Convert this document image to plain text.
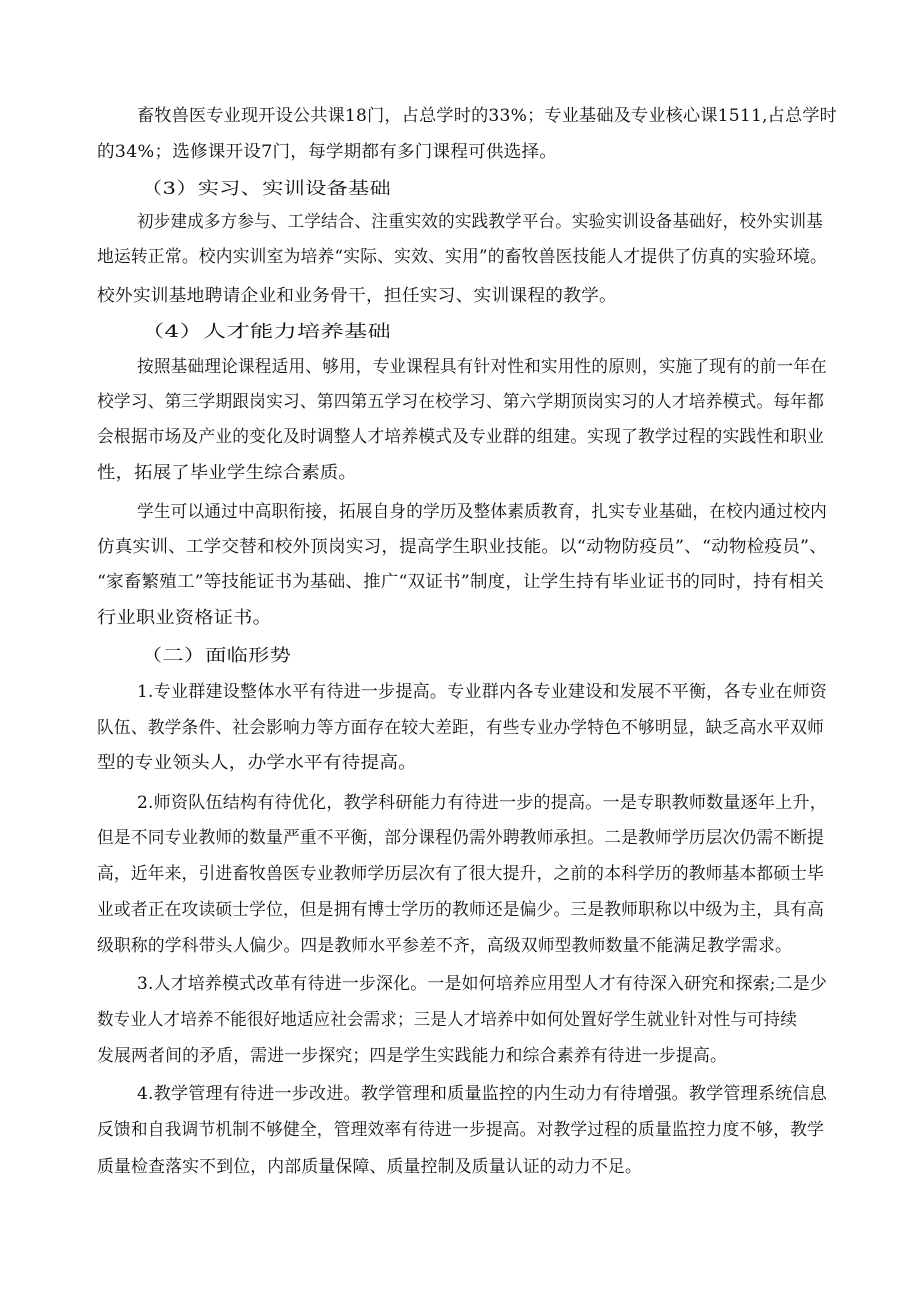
畜牧兽医专业现开设公共课18门，占总学时的33%；专业基础及专业核心课1511,占总学时
的34%；选修课开设7门，每学期都有多门课程可供选择。
（3）实习、实训设备基础
初步建成多方参与、工学结合、注重实效的实践教学平台。实验实训设备基础好，校外实训基
地运转正常。校内实训室为培养“实际、实效、实用”的畜牧兽医技能人才提供了仿真的实验环境。
校外实训基地聘请企业和业务骨干，担任实习、实训课程的教学。
（4）人才能力培养基础
按照基础理论课程适用、够用，专业课程具有针对性和实用性的原则，实施了现有的前一年在
校学习、第三学期跟岗实习、第四第五学习在校学习、第六学期顶岗实习的人才培养模式。每年都
会根据市场及产业的变化及时调整人才培养模式及专业群的组建。实现了教学过程的实践性和职业
性，拓展了毕业学生综合素质。
学生可以通过中高职衔接，拓展自身的学历及整体素质教育，扎实专业基础，在校内通过校内
仿真实训、工学交替和校外顶岗实习，提高学生职业技能。以“动物防疫员”、“动物检疫员”、
“家畜繁殖工”等技能证书为基础、推广“双证书”制度，让学生持有毕业证书的同时，持有相关
行业职业资格证书。
（二）面临形势
1.专业群建设整体水平有待进一步提高。专业群内各专业建设和发展不平衡，各专业在师资
队伍、教学条件、社会影响力等方面存在较大差距，有些专业办学特色不够明显，缺乏高水平双师
型的专业领头人，办学水平有待提高。
2.师资队伍结构有待优化，教学科研能力有待进一步的提高。一是专职教师数量逐年上升，
但是不同专业教师的数量严重不平衡，部分课程仍需外聘教师承担。二是教师学历层次仍需不断提
高，近年来，引进畜牧兽医专业教师学历层次有了很大提升，之前的本科学历的教师基本都硕士毕
业或者正在攻读硕士学位，但是拥有博士学历的教师还是偏少。三是教师职称以中级为主，具有高
级职称的学科带头人偏少。四是教师水平参差不齐，高级双师型教师数量不能满足教学需求。
3.人才培养模式改革有待进一步深化。一是如何培养应用型人才有待深入研究和探索;二是少
数专业人才培养不能很好地适应社会需求；三是人才培养中如何处置好学生就业针对性与可持续
发展两者间的矛盾，需进一步探究；四是学生实践能力和综合素养有待进一步提高。
4.教学管理有待进一步改进。教学管理和质量监控的内生动力有待增强。教学管理系统信息
反馈和自我调节机制不够健全，管理效率有待进一步提高。对教学过程的质量监控力度不够，教学
质量检查落实不到位，内部质量保障、质量控制及质量认证的动力不足。
